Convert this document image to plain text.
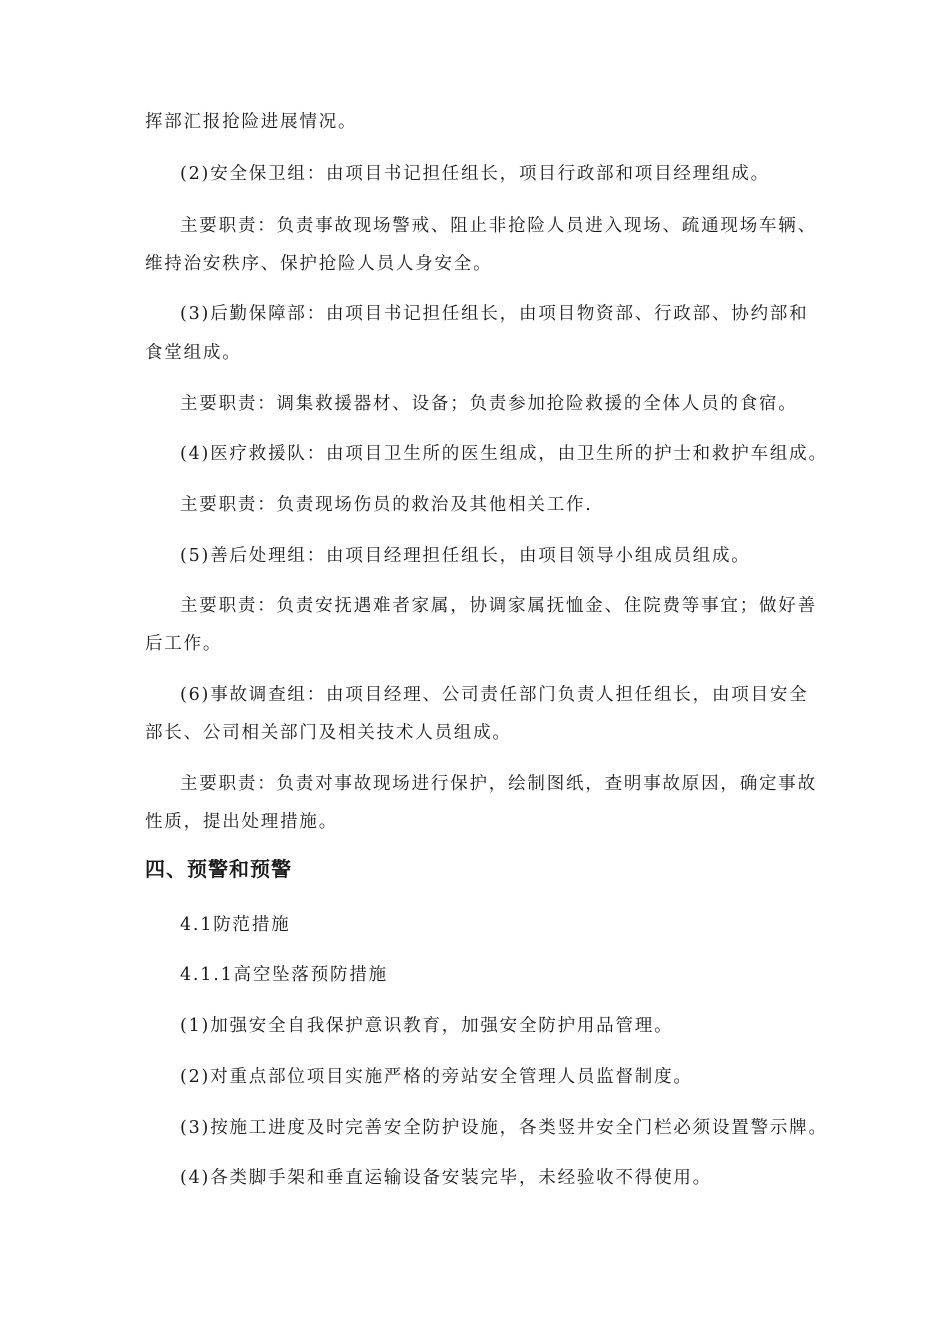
挥部汇报抢险进展情况。
(2)安全保卫组：由项目书记担任组长，项目行政部和项目经理组成。
主要职责：负责事故现场警戒、阻止非抢险人员进入现场、疏通现场车辆、
维持治安秩序、保护抢险人员人身安全。
(3)后勤保障部：由项目书记担任组长，由项目物资部、行政部、协约部和
食堂组成。
主要职责：调集救援器材、设备；负责参加抢险救援的全体人员的食宿。
(4)医疗救援队：由项目卫生所的医生组成，由卫生所的护士和救护车组成。
主要职责：负责现场伤员的救治及其他相关工作.
(5)善后处理组：由项目经理担任组长，由项目领导小组成员组成。
主要职责：负责安抚遇难者家属，协调家属抚恤金、住院费等事宜；做好善
后工作。
(6)事故调查组：由项目经理、公司责任部门负责人担任组长，由项目安全
部长、公司相关部门及相关技术人员组成。
主要职责：负责对事故现场进行保护，绘制图纸，查明事故原因，确定事故
性质，提出处理措施。
四、预警和预警
4.1防范措施
4.1.1高空坠落预防措施
(1)加强安全自我保护意识教育，加强安全防护用品管理。
(2)对重点部位项目实施严格的旁站安全管理人员监督制度。
(3)按施工进度及时完善安全防护设施，各类竖井安全门栏必须设置警示牌。
(4)各类脚手架和垂直运输设备安装完毕，未经验收不得使用。
